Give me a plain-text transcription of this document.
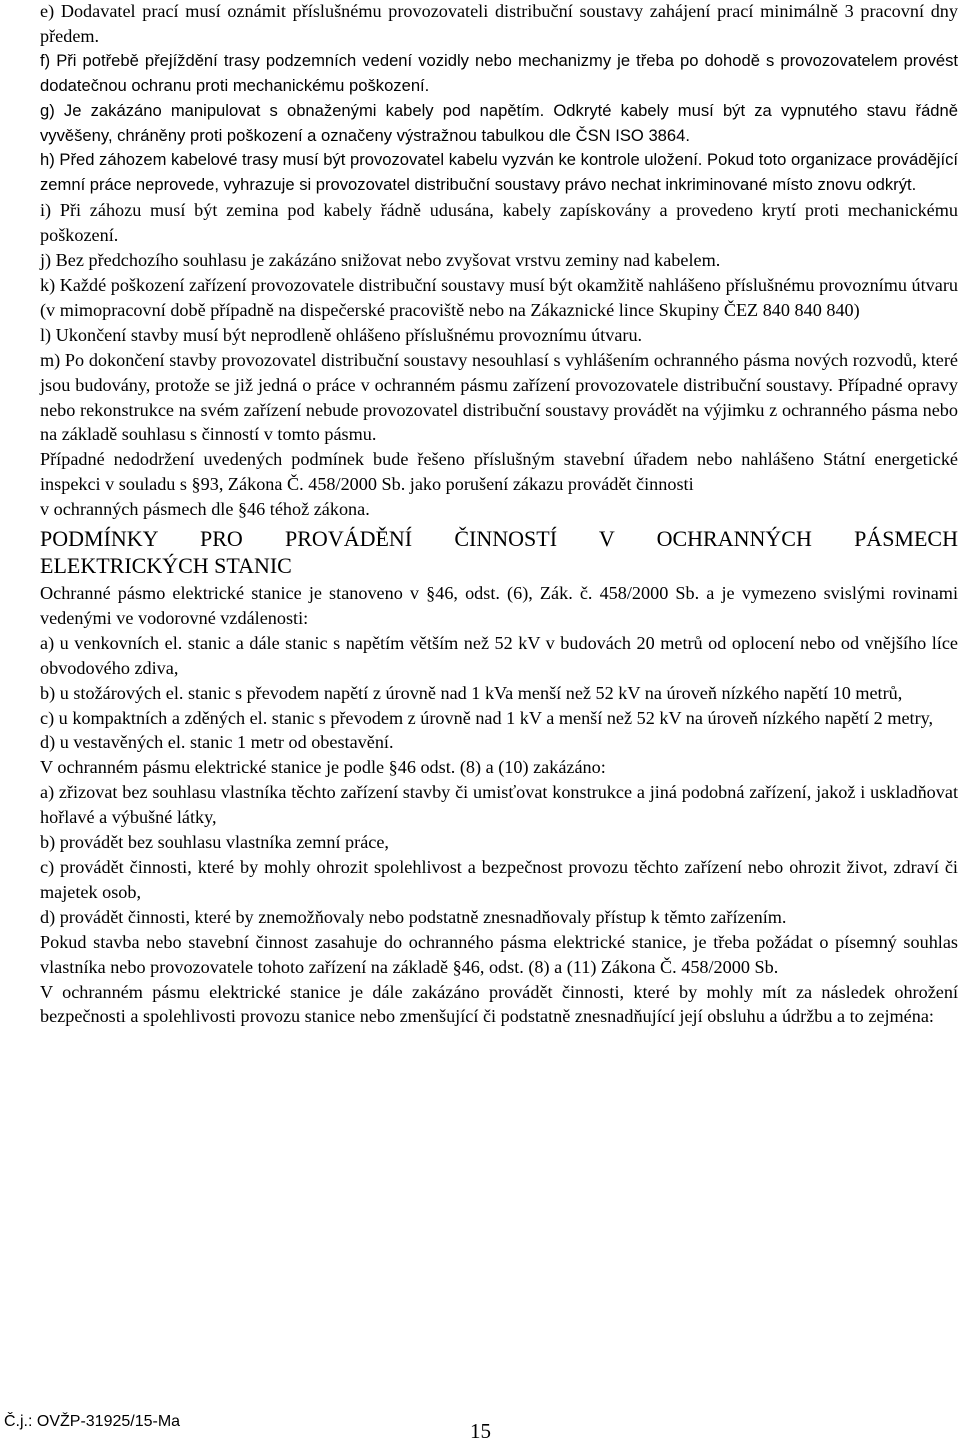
e) Dodavatel prací musí oznámit příslušnému provozovateli distribuční soustavy zahájení prací minimálně 3 pracovní dny předem.

f) Při potřebě přejíždění trasy podzemních vedení vozidly nebo mechanizmy je třeba po dohodě s provozovatelem provést dodatečnou ochranu proti mechanickému poškození.

g) Je zakázáno manipulovat s obnaženými kabely pod napětím. Odkryté kabely musí být za vypnutého stavu řádně vyvěšeny, chráněny proti poškození a označeny výstražnou tabulkou dle ČSN ISO 3864.

h) Před záhozem kabelové trasy musí být provozovatel kabelu vyzván ke kontrole uložení. Pokud toto organizace provádějící zemní práce neprovede, vyhrazuje si provozovatel distribuční soustavy právo nechat inkriminované místo znovu odkrýt.

i) Při záhozu musí být zemina pod kabely řádně udusána, kabely zapískovány a provedeno krytí proti mechanickému poškození.

j) Bez předchozího souhlasu je zakázáno snižovat nebo zvyšovat vrstvu zeminy nad kabelem.

k) Každé poškození zařízení provozovatele distribuční soustavy musí být okamžitě nahlášeno příslušnému provoznímu útvaru (v mimopracovní době případně na dispečerské pracoviště nebo na Zákaznické lince Skupiny ČEZ 840 840 840)

l) Ukončení stavby musí být neprodleně ohlášeno příslušnému provoznímu útvaru.

m) Po dokončení stavby provozovatel distribuční soustavy nesouhlasí s vyhlášením ochranného pásma nových rozvodů, které jsou budovány, protože se již jedná o práce v ochranném pásmu zařízení provozovatele distribuční soustavy. Případné opravy nebo rekonstrukce na svém zařízení nebude provozovatel distribuční soustavy provádět na výjimku z ochranného pásma nebo na základě souhlasu s činností v tomto pásmu.

Případné nedodržení uvedených podmínek bude řešeno příslušným stavební úřadem nebo nahlášeno Státní energetické inspekci v souladu s §93, Zákona Č. 458/2000 Sb. jako porušení zákazu provádět činnosti

v ochranných pásmech dle §46 téhož zákona.

PODMÍNKY PRO PROVÁDĚNÍ ČINNOSTÍ V OCHRANNÝCH PÁSMECH
ELEKTRICKÝCH STANIC

Ochranné pásmo elektrické stanice je stanoveno v §46, odst. (6), Zák. č. 458/2000 Sb. a je vymezeno svislými rovinami vedenými ve vodorovné vzdálenosti:

a) u venkovních el. stanic a dále stanic s napětím větším než 52 kV v budovách 20 metrů od oplocení nebo od vnějšího líce obvodového zdiva,

b) u stožárových el. stanic s převodem napětí z úrovně nad 1 kVa menší než 52 kV na úroveň nízkého napětí 10 metrů,

c) u kompaktních a zděných el. stanic s převodem z úrovně nad 1 kV a menší než 52 kV na úroveň nízkého napětí 2 metry,

d) u vestavěných el. stanic 1 metr od obestavění.

V ochranném pásmu elektrické stanice je podle §46 odst. (8) a (10) zakázáno:

a) zřizovat bez souhlasu vlastníka těchto zařízení stavby či umisťovat konstrukce a jiná podobná zařízení, jakož i uskladňovat hořlavé a výbušné látky,

b) provádět bez souhlasu vlastníka zemní práce,

c) provádět činnosti, které by mohly ohrozit spolehlivost a bezpečnost provozu těchto zařízení nebo ohrozit život, zdraví či majetek osob,

d) provádět činnosti, které by znemožňovaly nebo podstatně znesnadňovaly přístup k těmto zařízením.

Pokud stavba nebo stavební činnost zasahuje do ochranného pásma elektrické stanice, je třeba požádat o písemný souhlas vlastníka nebo provozovatele tohoto zařízení na základě §46, odst. (8) a (11) Zákona Č. 458/2000 Sb.

V ochranném pásmu elektrické stanice je dále zakázáno provádět činnosti, které by mohly mít za následek ohrožení bezpečnosti a spolehlivosti provozu stanice nebo zmenšující či podstatně znesnadňující její obsluhu a údržbu a to zejména:

Č.j.: OVŽP-31925/15-Ma	15
